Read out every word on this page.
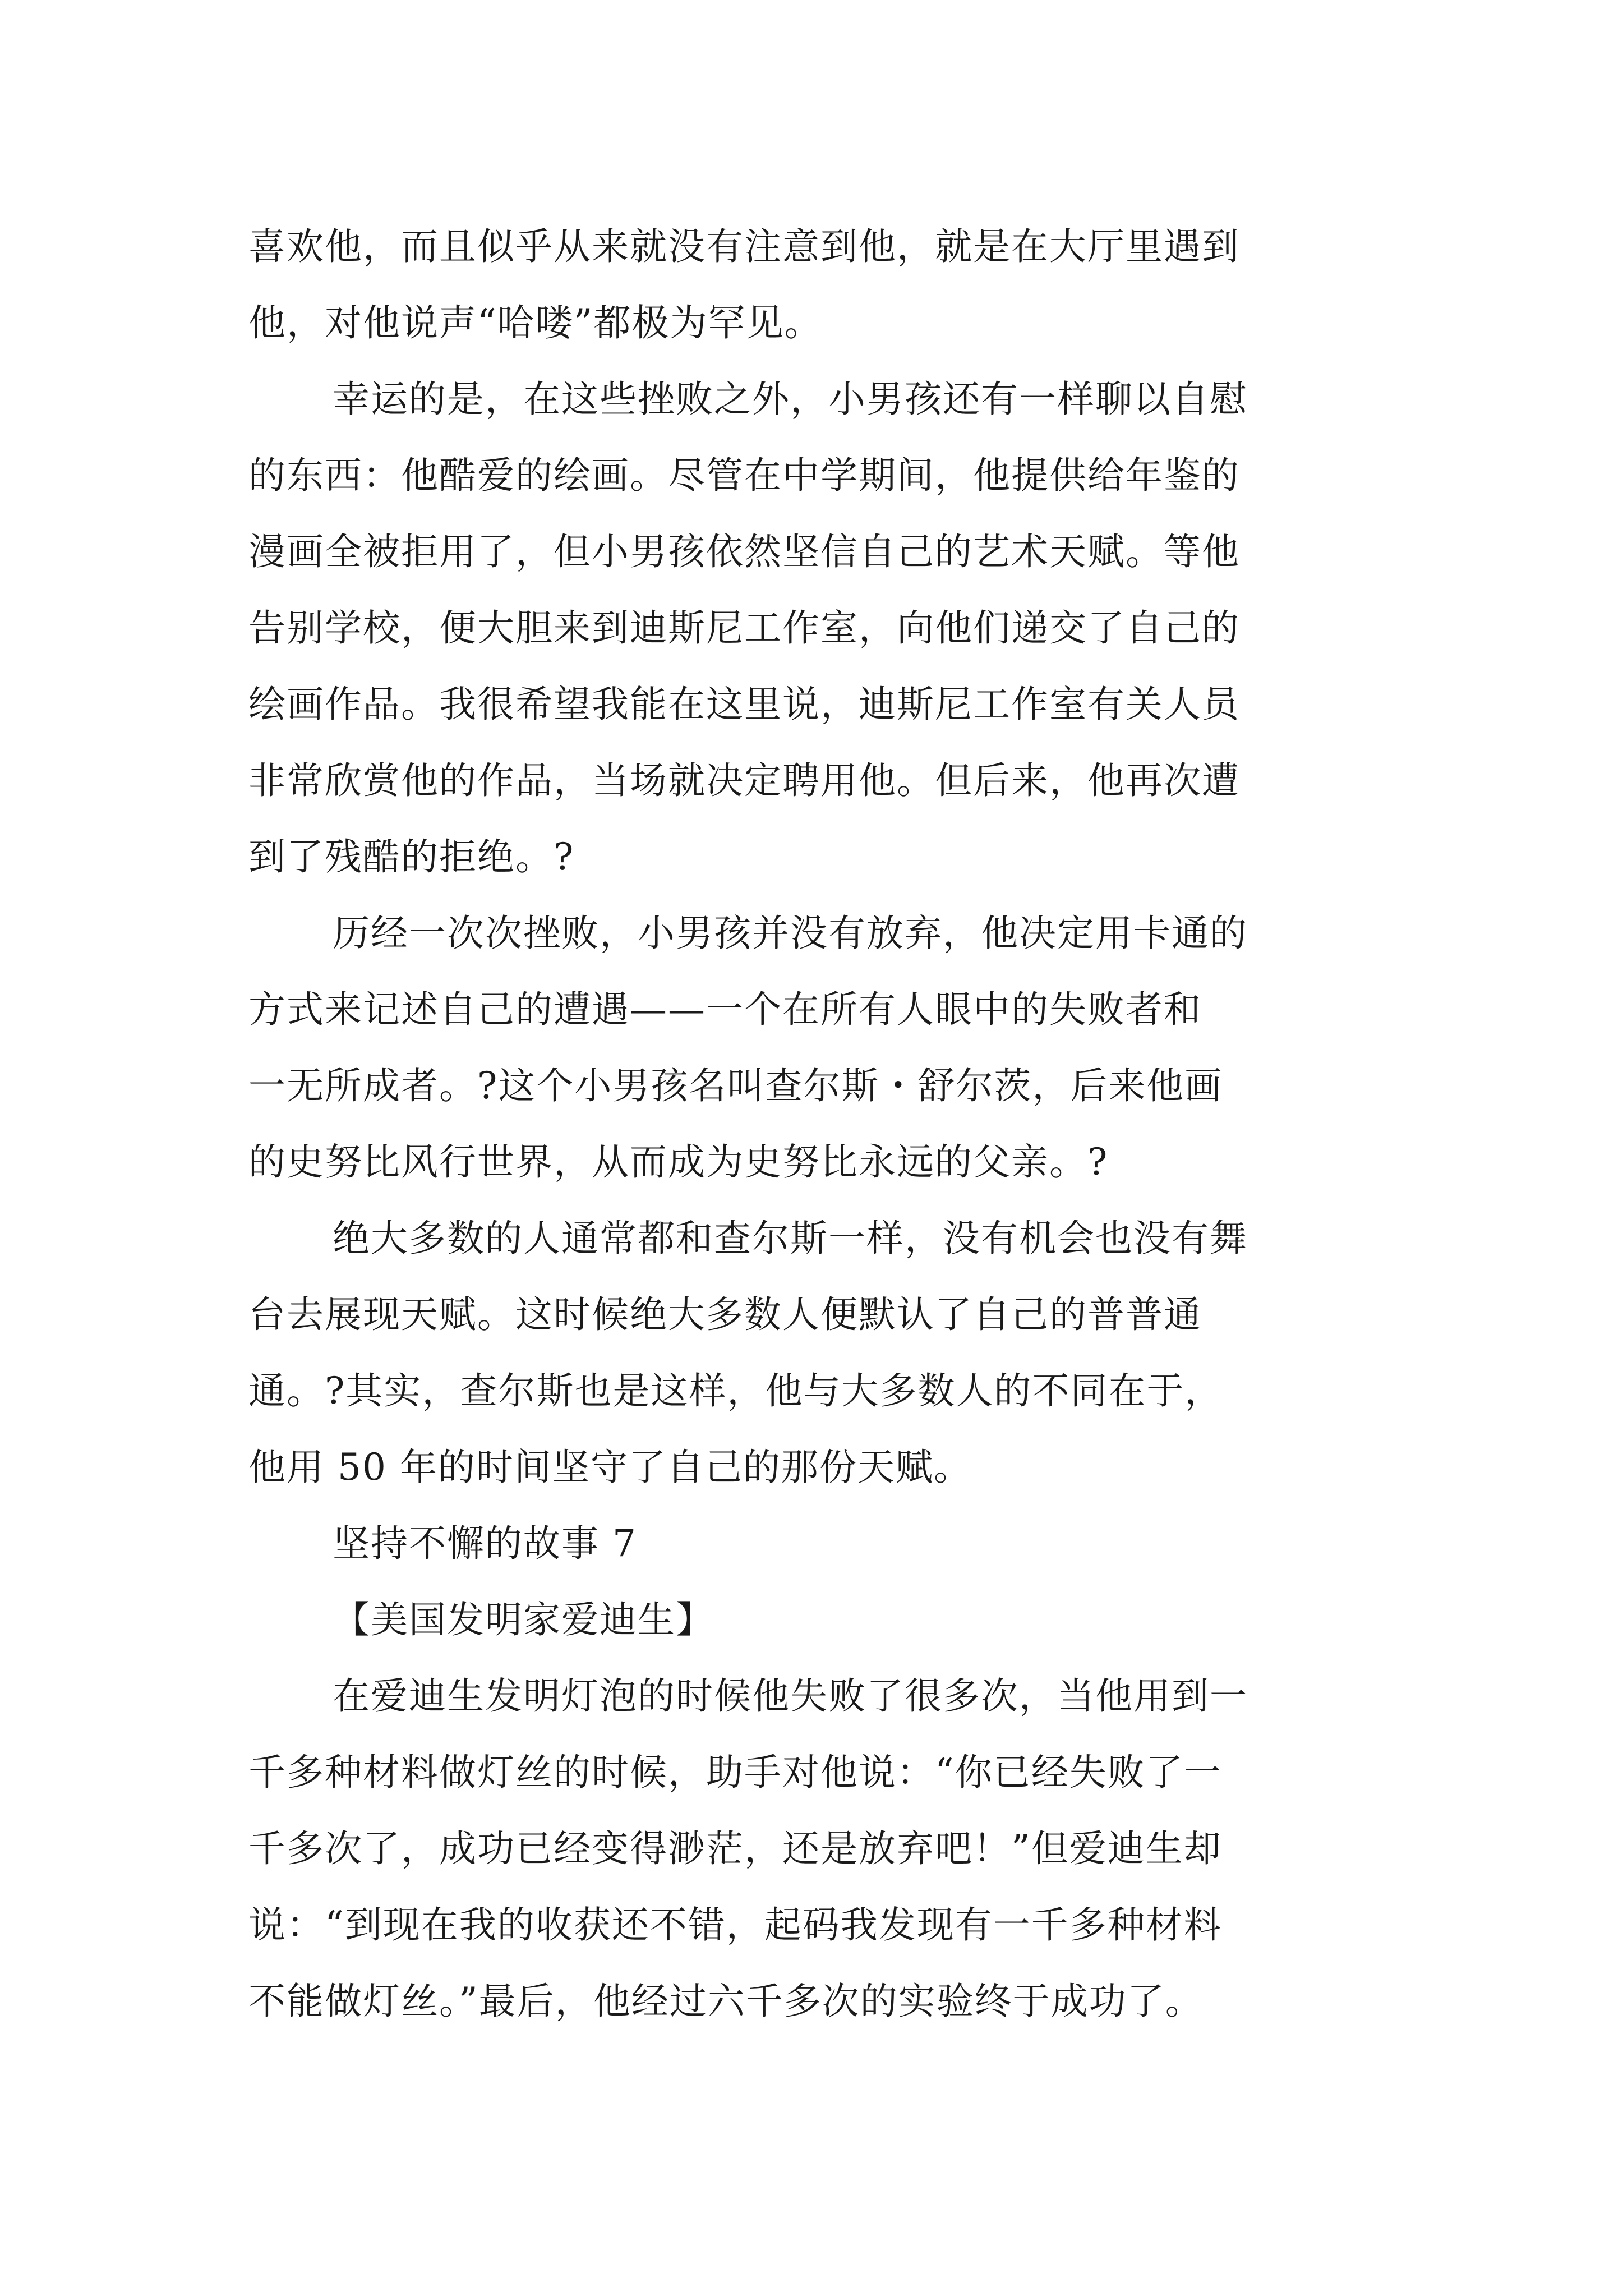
喜欢他，而且似乎从来就没有注意到他，就是在大厅里遇到
他，对他说声“哈喽”都极为罕见。
幸运的是，在这些挫败之外，小男孩还有一样聊以自慰
的东西：他酷爱的绘画。尽管在中学期间，他提供给年鉴的
漫画全被拒用了，但小男孩依然坚信自己的艺术天赋。等他
告别学校，便大胆来到迪斯尼工作室，向他们递交了自己的
绘画作品。我很希望我能在这里说，迪斯尼工作室有关人员
非常欣赏他的作品，当场就决定聘用他。但后来，他再次遭
到了残酷的拒绝。?
历经一次次挫败，小男孩并没有放弃，他决定用卡通的
方式来记述自己的遭遇——一个在所有人眼中的失败者和
一无所成者。?这个小男孩名叫查尔斯・舒尔茨，后来他画
的史努比风行世界，从而成为史努比永远的父亲。?
绝大多数的人通常都和查尔斯一样，没有机会也没有舞
台去展现天赋。这时候绝大多数人便默认了自己的普普通
通。?其实，查尔斯也是这样，他与大多数人的不同在于，
他用 50 年的时间坚守了自己的那份天赋。
坚持不懈的故事 7
【美国发明家爱迪生】
在爱迪生发明灯泡的时候他失败了很多次，当他用到一
千多种材料做灯丝的时候，助手对他说：“你已经失败了一
千多次了，成功已经变得渺茫，还是放弃吧！”但爱迪生却
说：“到现在我的收获还不错，起码我发现有一千多种材料
不能做灯丝。”最后，他经过六千多次的实验终于成功了。
